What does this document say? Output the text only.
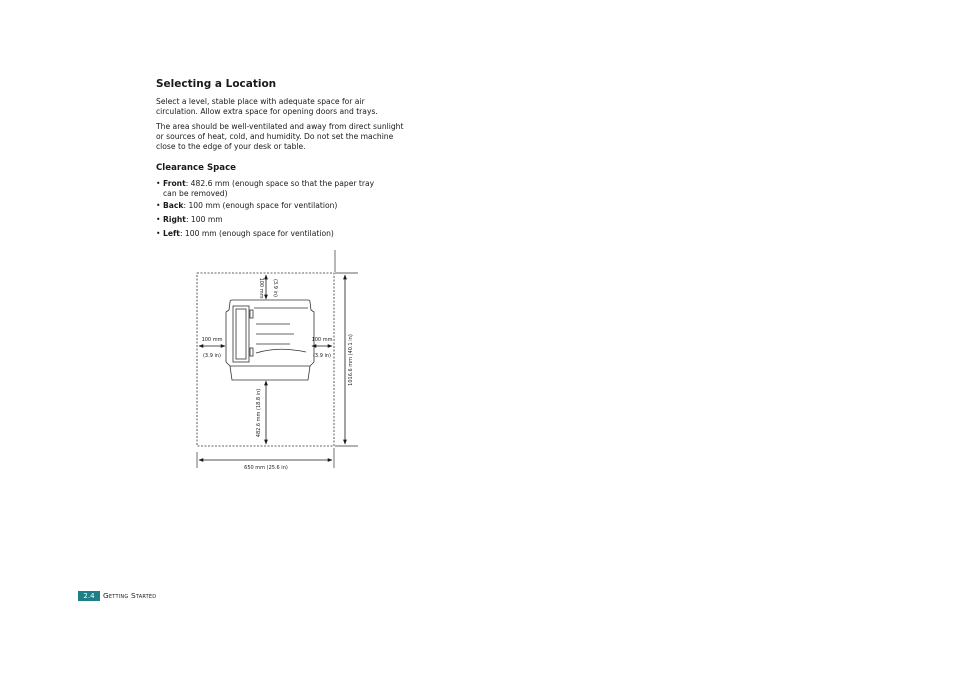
Selecting a Location

Select a level, stable place with adequate space for air circulation. Allow extra space for opening doors and trays.

The area should be well-ventilated and away from direct sunlight or sources of heat, cold, and humidity. Do not set the machine close to the edge of your desk or table.

Clearance Space
• Front: 482.6 mm (enough space so that the paper tray
can be removed)
• Back: 100 mm (enough space for ventilation)
• Right: 100 mm
• Left: 100 mm (enough space for ventilation)
100 mm (3.9 in)
100 mm
(3.9 in)
100 mm
(3.9 in)
482.6 mm (18.8 in)
1016.6 mm (40.1 in)
650 mm (25.6 in)
2.4	Getting Started
